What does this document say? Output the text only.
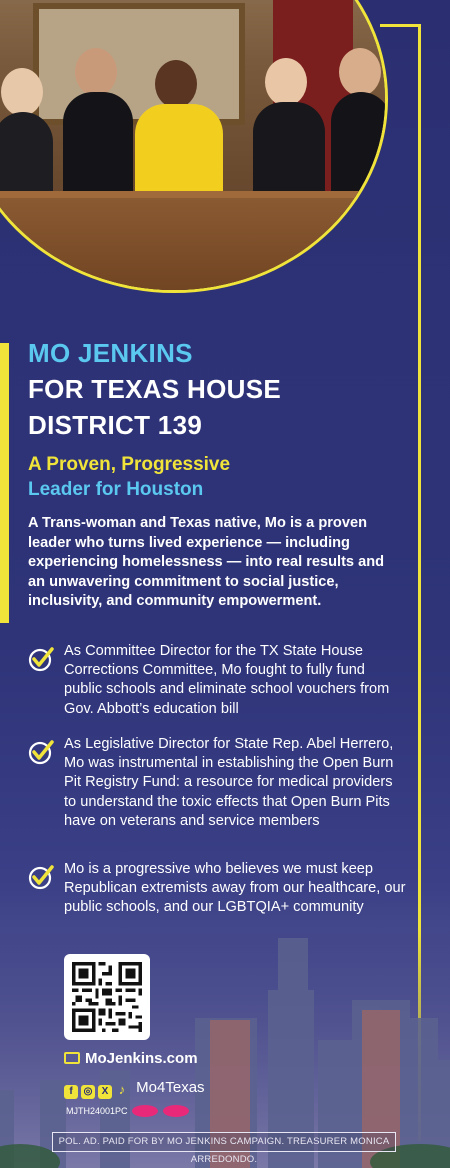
MO JENKINS
FOR TEXAS HOUSE
DISTRICT 139
A Proven, Progressive
Leader for Houston
A Trans-woman and Texas native, Mo is a proven leader who turns lived experience — including experiencing homelessness — into real results and an unwavering commitment to social justice, inclusivity, and community empowerment.
As Committee Director for the TX State House Corrections Committee, Mo fought to fully fund public schools and eliminate school vouchers from Gov. Abbott’s education bill
As Legislative Director for State Rep. Abel Herrero, Mo was instrumental in establishing the Open Burn Pit Registry Fund: a resource for medical providers to understand the toxic effects that Open Burn Pits have on veterans and service members
Mo is a progressive who believes we must keep Republican extremists away from our healthcare, our public schools, and our LGBTQIA+ community
MoJenkins.com
f ◎ X ♪ Mo4Texas
MJTH24001PC
POL. AD. PAID FOR BY MO JENKINS CAMPAIGN. TREASURER MONICA ARREDONDO.
